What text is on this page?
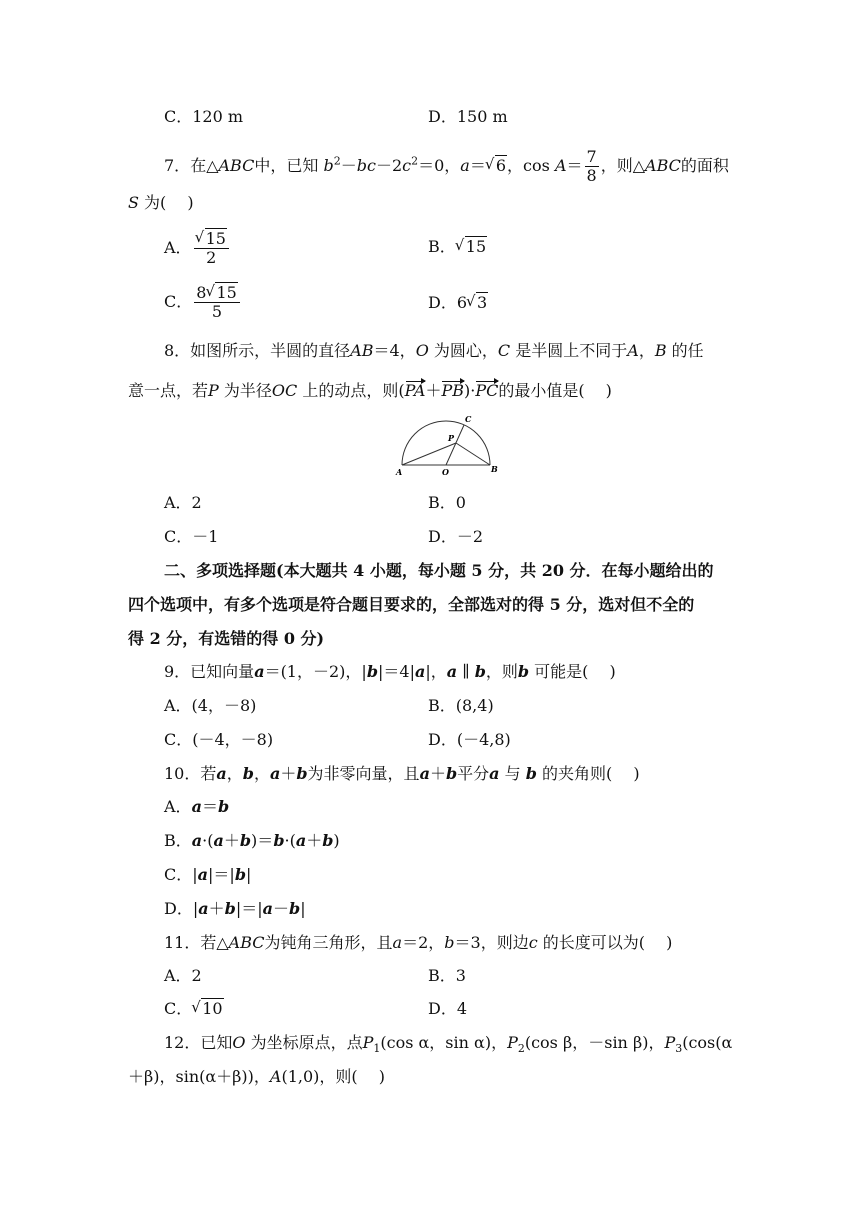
C．120 m	D．150 m
7．在△ABC中，已知 $b^2-bc-2c^2=0$，a＝ √ 6，$\cos A= \frac{7}{8}$ ，则△ABC的面积
S 为(　 )
A． √ $\frac{15}{2}$	B． √ 15
C． $\frac{8 √ 15}{5}$	D．6 √ 3
8．如图所示，半圆的直径AB＝4，O 为圆心，C 是半圆上不同于A，B 的任
意一点，若P 为半径OC 上的动点，则(PA＋PB)·PC的最小值是(　 )
A	O	B
C
P
A．2	B．0
C．－1	D．－2
二、多项选择题(本大题共 4 小题，每小题 5 分，共 20 分．在每小题给出的
四个选项中，有多个选项是符合题目要求的，全部选对的得 5 分，选对但不全的
得 2 分，有选错的得 0 分)
9．已知向量a＝(1，－2)，|b|＝4|a|，a ∥ b，则b 可能是(　 )
A．(4，－8)	B．(8,4)
C．(－4，－8)	D．(－4,8)
10．若a，b，a＋b为非零向量，且a＋b平分a 与 b 的夹角则(　 )
A．a＝b
B．a·(a＋b)＝b·(a＋b)
C．|a|＝|b|
D．|a＋b|＝|a－b|
11．若△ABC为钝角三角形，且a＝2，b＝3，则边c 的长度可以为(　 )
A．2	B．3
C． √ 10	D．4
12．已知O 为坐标原点，点$P_1(\cos$ α，sin α)，$P_2(\cos$ β，－sin β)，$P_3(\cos(\alpha$
＋β)，sin(α＋β))，A(1,0)，则(　 )
